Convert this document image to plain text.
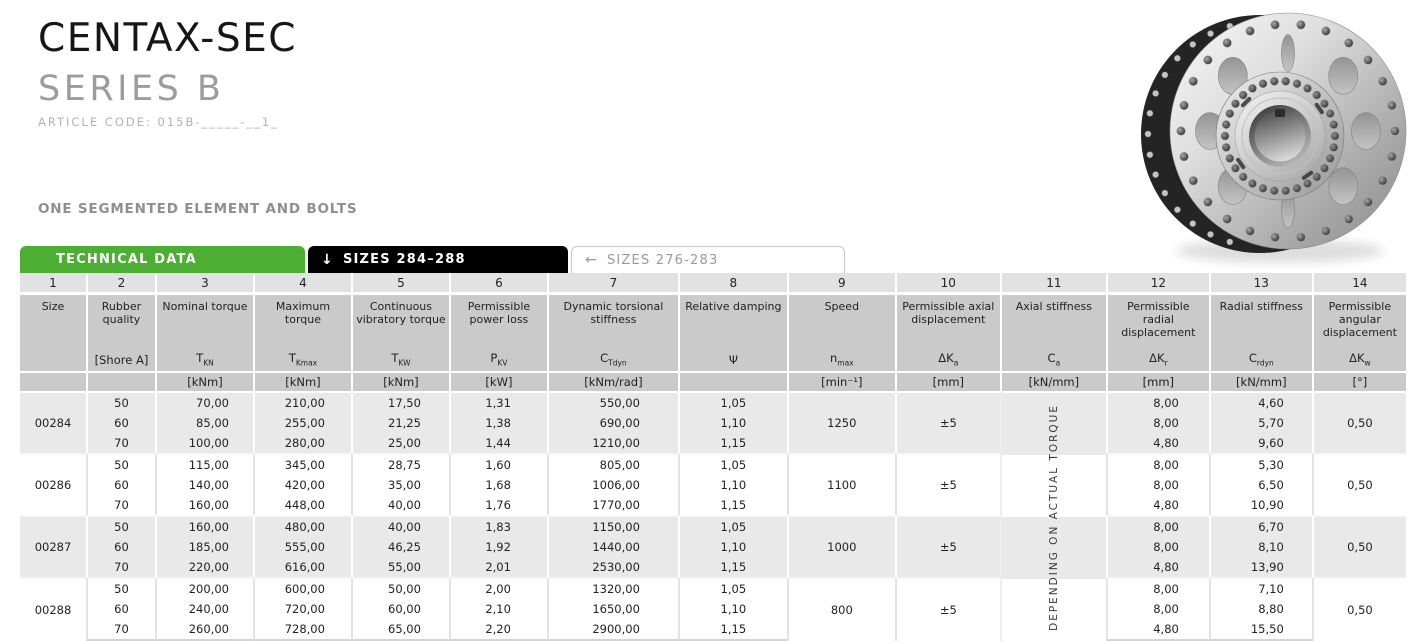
CENTAX-SEC
SERIES B
ARTICLE CODE: 015B-_____-__1_
ONE SEGMENTED ELEMENT AND BOLTS
TECHNICAL DATA	↓ SIZES 284–288	← SIZES 276-283
1	2	3	4	5	6	7	8	9	10	11	12	13	14
Size	Rubber quality	Nominal torque	Maximum torque	Continuous vibratory torque	Permissible power loss	Dynamic torsional stiffness	Relative damping	Speed	Permissible axial displacement	Axial stiffness	Permissible radial displacement	Radial stiffness	Permissible angular displacement
	[Shore A]	$T_{KN}$	$T_{Kmax}$	$T_{KW}$	$P_{KV}$	$C_{Tdyn}$	Ψ	$n_{max}$	$\Delta K_a$	$C_a$	$\Delta K_r$	$C_{rdyn}$	$\Delta K_w$
		[kNm]	[kNm]	[kNm]	[kW]	[kNm/rad]		[min⁻¹]	[mm]	[kN/mm]	[mm]	[kN/mm]	[°]
00284	50	70,00	210,00	17,50	1,31	550,00	1,05	1250	±5	DEPENDING ON ACTUAL TORQUE	8,00	4,60	0,50
	60	85,00	255,00	21,25	1,38	690,00	1,10				8,00	5,70	
	70	100,00	280,00	25,00	1,44	1210,00	1,15				4,80	9,60	
00286	50	115,00	345,00	28,75	1,60	805,00	1,05	1100	±5		8,00	5,30	0,50
	60	140,00	420,00	35,00	1,68	1006,00	1,10				8,00	6,50	
	70	160,00	448,00	40,00	1,76	1770,00	1,15				4,80	10,90	
00287	50	160,00	480,00	40,00	1,83	1150,00	1,05	1000	±5		8,00	6,70	0,50
	60	185,00	555,00	46,25	1,92	1440,00	1,10				8,00	8,10	
	70	220,00	616,00	55,00	2,01	2530,00	1,15				4,80	13,90	
00288	50	200,00	600,00	50,00	2,00	1320,00	1,05	800	±5		8,00	7,10	0,50
	60	240,00	720,00	60,00	2,10	1650,00	1,10				8,00	8,80	
	70	260,00	728,00	65,00	2,20	2900,00	1,15				4,80	15,50	
